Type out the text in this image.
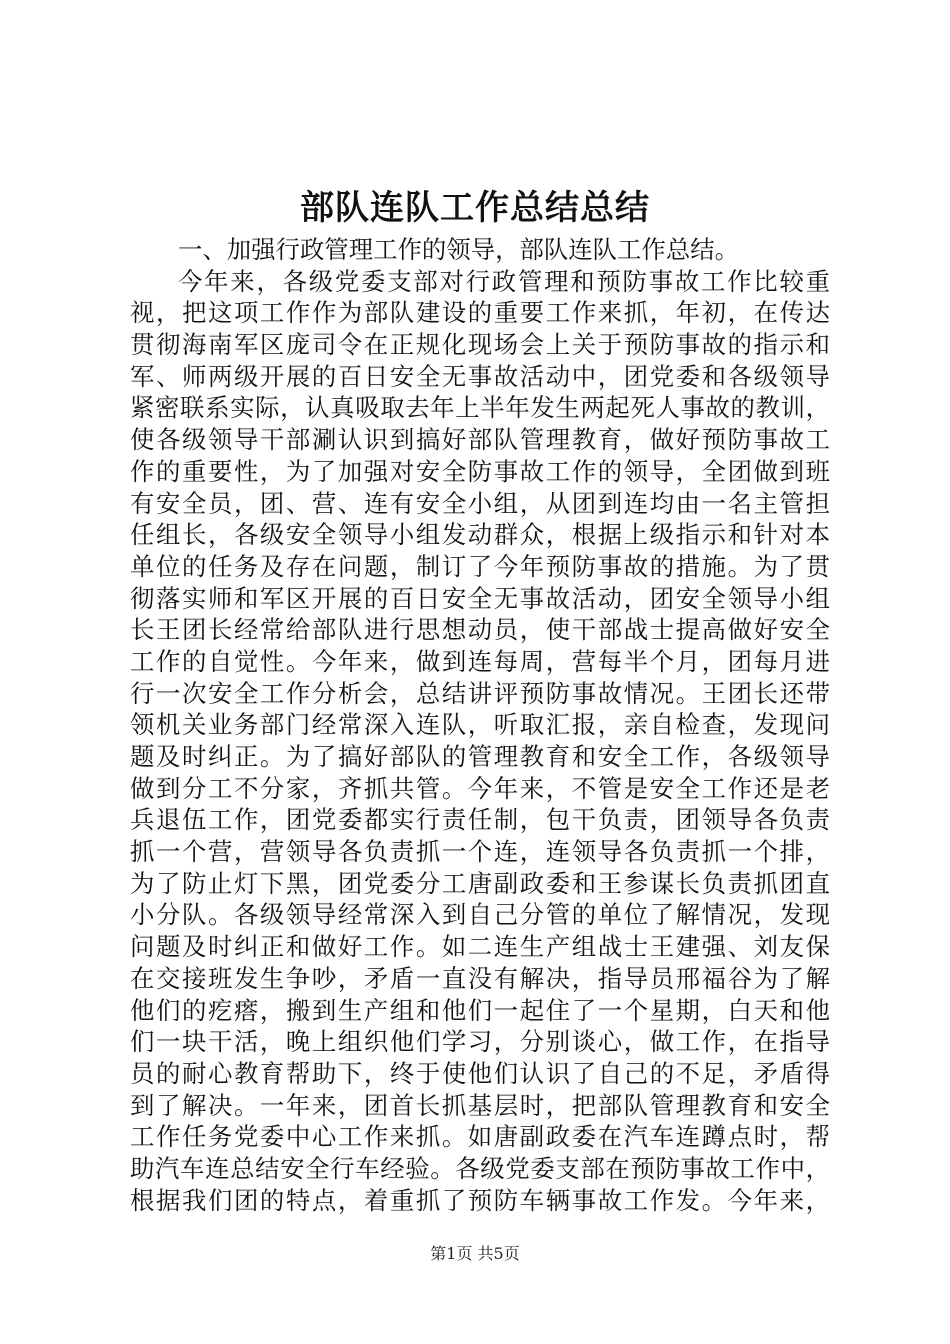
部队连队工作总结总结
一、加强行政管理工作的领导，部队连队工作总结。
今年来，各级党委支部对行政管理和预防事故工作比较重
视，把这项工作作为部队建设的重要工作来抓，年初，在传达
贯彻海南军区庞司令在正规化现场会上关于预防事故的指示和
军、师两级开展的百日安全无事故活动中，团党委和各级领导
紧密联系实际，认真吸取去年上半年发生两起死人事故的教训，
使各级领导干部涮认识到搞好部队管理教育，做好预防事故工
作的重要性，为了加强对安全防事故工作的领导，全团做到班
有安全员，团、营、连有安全小组，从团到连均由一名主管担
任组长，各级安全领导小组发动群众，根据上级指示和针对本
单位的任务及存在问题，制订了今年预防事故的措施。为了贯
彻落实师和军区开展的百日安全无事故活动，团安全领导小组
长王团长经常给部队进行思想动员，使干部战士提高做好安全
工作的自觉性。今年来，做到连每周，营每半个月，团每月进
行一次安全工作分析会，总结讲评预防事故情况。王团长还带
领机关业务部门经常深入连队，听取汇报，亲自检查，发现问
题及时纠正。为了搞好部队的管理教育和安全工作，各级领导
做到分工不分家，齐抓共管。今年来，不管是安全工作还是老
兵退伍工作，团党委都实行责任制，包干负责，团领导各负责
抓一个营，营领导各负责抓一个连，连领导各负责抓一个排，
为了防止灯下黑，团党委分工唐副政委和王参谋长负责抓团直
小分队。各级领导经常深入到自己分管的单位了解情况，发现
问题及时纠正和做好工作。如二连生产组战士王建强、刘友保
在交接班发生争吵，矛盾一直没有解决，指导员邢福谷为了解
他们的疙瘩，搬到生产组和他们一起住了一个星期，白天和他
们一块干活，晚上组织他们学习，分别谈心，做工作，在指导
员的耐心教育帮助下，终于使他们认识了自己的不足，矛盾得
到了解决。一年来，团首长抓基层时，把部队管理教育和安全
工作任务党委中心工作来抓。如唐副政委在汽车连蹲点时，帮
助汽车连总结安全行车经验。各级党委支部在预防事故工作中，
根据我们团的特点，着重抓了预防车辆事故工作发。今年来，
第1页 共5页
